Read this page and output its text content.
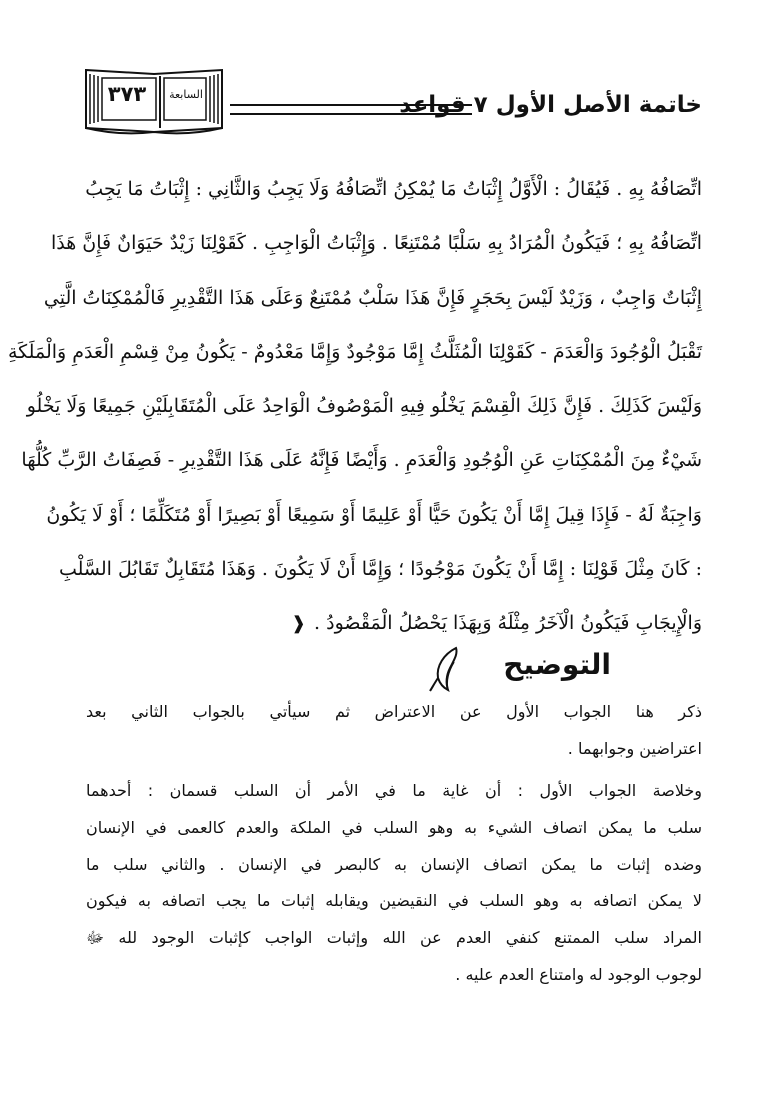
خاتمة الأصل الأول ٧ قواعد
السابعة
٣٧٣
اتِّصَافُهُ بِهِ . فَيُقَالُ : الْأَوَّلُ إِثْبَاتُ مَا يُمْكِنُ اتِّصَافُهُ وَلَا يَجِبُ وَالثَّانِي : إِثْبَاتُ مَا يَجِبُ
اتِّصَافُهُ بِهِ ؛ فَيَكُونُ الْمُرَادُ بِهِ سَلْبًا مُمْتَنِعًا . وَإِثْبَاتُ الْوَاجِبِ . كَقَوْلِنَا زَيْدٌ حَيَوَانٌ فَإِنَّ هَذَا
إِثْبَاتٌ وَاجِبٌ ، وَزَيْدٌ لَيْسَ بِحَجَرٍ فَإِنَّ هَذَا سَلْبٌ مُمْتَنِعٌ وَعَلَى هَذَا التَّقْدِيرِ فَالْمُمْكِنَاتُ الَّتِي
تَقْبَلُ الْوُجُودَ وَالْعَدَمَ - كَقَوْلِنَا الْمُثَلَّثُ إِمَّا مَوْجُودٌ وَإِمَّا مَعْدُومٌ - يَكُونُ مِنْ قِسْمِ الْعَدَمِ وَالْمَلَكَةِ
وَلَيْسَ كَذَلِكَ . فَإِنَّ ذَلِكَ الْقِسْمَ يَخْلُو فِيهِ الْمَوْصُوفُ الْوَاحِدُ عَلَى الْمُتَقَابِلَيْنِ جَمِيعًا وَلَا يَخْلُو
شَيْءٌ مِنَ الْمُمْكِنَاتِ عَنِ الْوُجُودِ وَالْعَدَمِ . وَأَيْضًا فَإِنَّهُ عَلَى هَذَا التَّقْدِيرِ - فَصِفَاتُ الرَّبِّ كُلُّهَا
وَاجِبَةٌ لَهُ - فَإِذَا قِيلَ إِمَّا أَنْ يَكُونَ حَيًّا أَوْ عَلِيمًا أَوْ سَمِيعًا أَوْ بَصِيرًا أَوْ مُتَكَلِّمًا ؛ أَوْ لَا يَكُونُ
: كَانَ مِثْلَ قَوْلِنَا : إِمَّا أَنْ يَكُونَ مَوْجُودًا ؛ وَإِمَّا أَنْ لَا يَكُونَ . وَهَذَا مُتَقَابِلٌ تَقَابُلَ السَّلْبِ
وَالْإِيجَابِ فَيَكُونُ الْآخَرُ مِثْلَهُ وَبِهَذَا يَحْصُلُ الْمَقْصُودُ .❰
التوضيح
ذكر هنا الجواب الأول عن الاعتراض ثم سيأتي بالجواب الثاني بعد
اعتراضين وجوابهما .
وخلاصة الجواب الأول : أن غاية ما في الأمر أن السلب قسمان : أحدهما
سلب ما يمكن اتصاف الشيء به وهو السلب في الملكة والعدم كالعمى في الإنسان
وضده إثبات ما يمكن اتصاف الإنسان به كالبصر في الإنسان . والثاني سلب ما
لا يمكن اتصافه به وهو السلب في النقيضين ويقابله إثبات ما يجب اتصافه به فيكون
المراد سلب الممتنع كنفي العدم عن الله وإثبات الواجب كإثبات الوجود لله ﷻ
لوجوب الوجود له وامتناع العدم عليه .
